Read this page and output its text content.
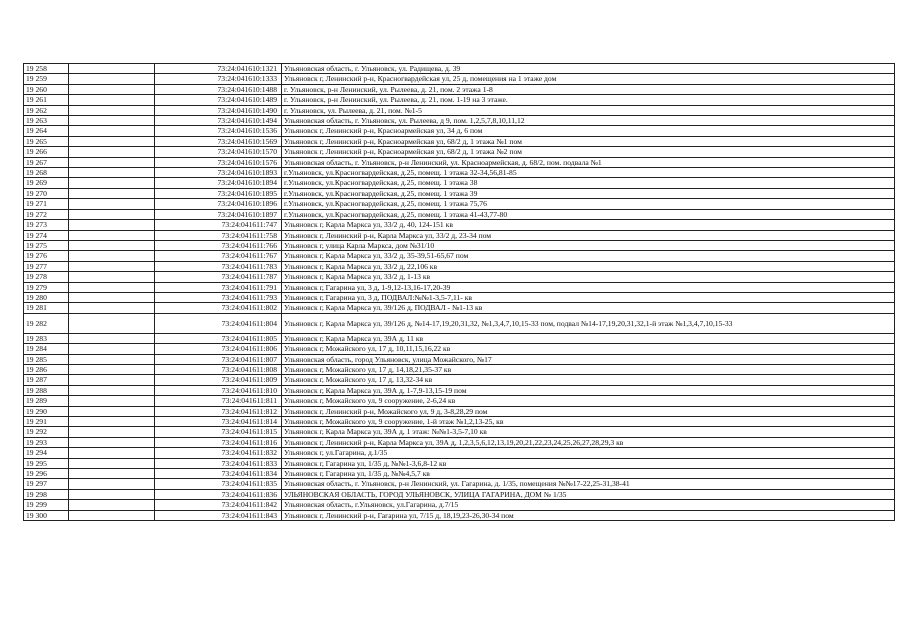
19 258		73:24:041610:1321	Ульяновская область, г. Ульяновск, ул. Радищева, д. 39
19 259		73:24:041610:1333	Ульяновск г, Ленинский р-н, Красногвардейская ул, 25 д, помещения на 1 этаже дом
19 260		73:24:041610:1488	г. Ульяновск, р-н Ленинский, ул. Рылеева, д. 21, пом. 2 этажа 1-8
19 261		73:24:041610:1489	г. Ульяновск, р-н Ленинский, ул. Рылеева, д. 21, пом. 1-19 на 3 этаже.
19 262		73:24:041610:1490	г. Ульяновск, ул. Рылеева, д. 21, пом. №1-5
19 263		73:24:041610:1494	Ульяновская область, г. Ульяновск, ул. Рылеева, д 9, пом. 1,2,5,7,8,10,11,12
19 264		73:24:041610:1536	Ульяновск г, Ленинский р-н, Красноармейская ул, 34 д, 6 пом
19 265		73:24:041610:1569	Ульяновск г, Ленинский р-н, Красноармейская ул, 68/2 д, 1 этажа №1 пом
19 266		73:24:041610:1570	Ульяновск г, Ленинский р-н, Красноармейская ул, 68/2 д, 1 этажа №2 пом
19 267		73:24:041610:1576	Ульяновская область, г. Ульяновск, р-н Ленинский, ул. Красноармейская, д. 68/2, пом. подвала №1
19 268		73:24:041610:1893	г.Ульяновск, ул.Красногвардейская, д.25, помещ. 1 этажа 32-34,56,81-85
19 269		73:24:041610:1894	г.Ульяновск, ул.Красногвардейская, д.25, помещ. 1 этажа 38
19 270		73:24:041610:1895	г.Ульяновск, ул.Красногвардейская, д.25, помещ. 1 этажа 39
19 271		73:24:041610:1896	г.Ульяновск, ул.Красногвардейская, д.25, помещ. 1 этажа 75,76
19 272		73:24:041610:1897	г.Ульяновск, ул.Красногвардейская, д.25, помещ. 1 этажа 41-43,77-80
19 273		73:24:041611:747	Ульяновск г, Карла Маркса ул, 33/2 д, 40, 124-151 кв
19 274		73:24:041611:758	Ульяновск г, Ленинский р-н, Карла Маркса ул, 33/2 д, 23-34 пом
19 275		73:24:041611:766	Ульяновск г, улица Карла Маркса, дом №31/10
19 276		73:24:041611:767	Ульяновск г, Карла Маркса ул, 33/2 д, 35-39,51-65,67 пом
19 277		73:24:041611:783	Ульяновск г, Карла Маркса ул, 33/2 д, 22,106 кв
19 278		73:24:041611:787	Ульяновск г, Карла Маркса ул, 33/2 д, 1-13 кв
19 279		73:24:041611:791	Ульяновск г, Гагарина ул, 3 д, 1-9,12-13,16-17,20-39
19 280		73:24:041611:793	Ульяновск г, Гагарина ул, 3 д, ПОДВАЛ:№№1-3,5-7,11- кв
19 281		73:24:041611:802	Ульяновск г, Карла Маркса ул, 39/126 д, ПОДВАЛ - №1-13 кв
19 282		73:24:041611:804	Ульяновск г, Карла Маркса ул, 39/126 д, №14-17,19,20,31,32, №1,3,4,7,10,15-33 пом, подвал №14-17,19,20,31,32,1-й этаж №1,3,4,7,10,15-33
19 283		73:24:041611:805	Ульяновск г, Карла Маркса ул, 39А д, 11 кв
19 284		73:24:041611:806	Ульяновск г, Можайского ул, 17 д, 10,11,15,16,22 кв
19 285		73:24:041611:807	Ульяновская область, город Ульяновск, улица Можайского, №17
19 286		73:24:041611:808	Ульяновск г, Можайского ул, 17 д, 14,18,21,35-37 кв
19 287		73:24:041611:809	Ульяновск г, Можайского ул, 17 д, 13,32-34 кв
19 288		73:24:041611:810	Ульяновск г, Карла Маркса ул, 39А д, 1-7,9-13,15-19 пом
19 289		73:24:041611:811	Ульяновск г, Можайского ул, 9 сооружение, 2-6,24 кв
19 290		73:24:041611:812	Ульяновск г, Ленинский р-н, Можайского ул, 9 д, 3-8,28,29 пом
19 291		73:24:041611:814	Ульяновск г, Можайского ул, 9 сооружение, 1-й этаж №1,2,13-25, кв
19 292		73:24:041611:815	Ульяновск г, Карла Маркса ул, 39А д, 1 этаж: №№1-3,5-7,10 кв
19 293		73:24:041611:816	Ульяновск г, Ленинский р-н, Карла Маркса ул, 39А д, 1,2,3,5,6,12,13,19,20,21,22,23,24,25,26,27,28,29,3 кв
19 294		73:24:041611:832	Ульяновск г, ул.Гагарина, д.1/35
19 295		73:24:041611:833	Ульяновск г, Гагарина ул, 1/35 д, №№1-3,6,8-12 кв
19 296		73:24:041611:834	Ульяновск г, Гагарина ул, 1/35 д, №№4,5,7 кв
19 297		73:24:041611:835	Ульяновская область, г. Ульяновск, р-н Ленинский, ул. Гагарина, д. 1/35, помещения №№17-22,25-31,38-41
19 298		73:24:041611:836	УЛЬЯНОВСКАЯ ОБЛАСТЬ, ГОРОД УЛЬЯНОВСК, УЛИЦА ГАГАРИНА, ДОМ № 1/35
19 299		73:24:041611:842	Ульяновская область, г.Ульяновск, ул.Гагарина, д.7/15
19 300		73:24:041611:843	Ульяновск г, Ленинский р-н, Гагарина ул, 7/15 д, 18,19,23-26,30-34 пом
